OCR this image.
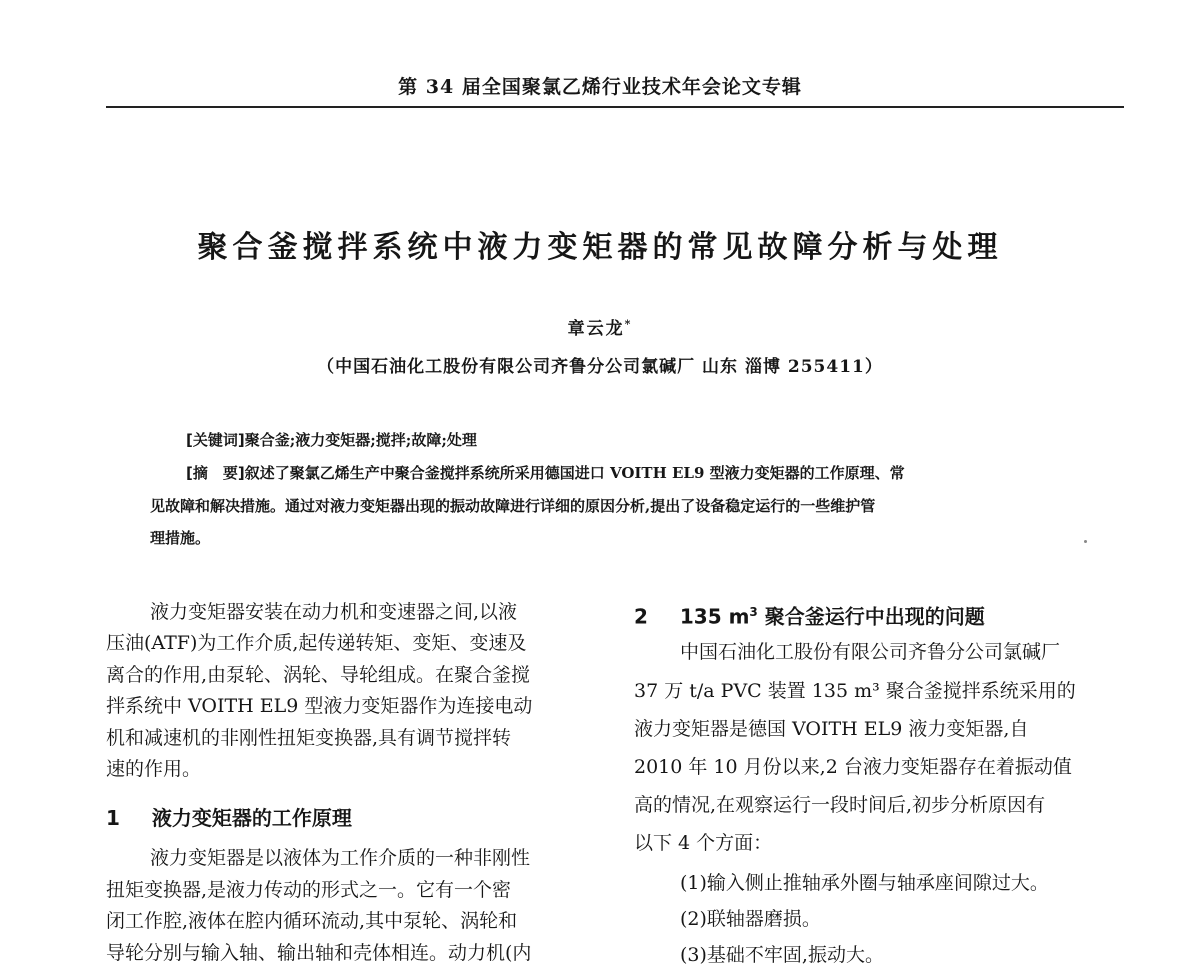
第 34 届全国聚氯乙烯行业技术年会论文专辑
聚合釜搅拌系统中液力变矩器的常见故障分析与处理
章云龙*
（中国石油化工股份有限公司齐鲁分公司氯碱厂 山东 淄博 255411）
[关键词]聚合釜;液力变矩器;搅拌;故障;处理
[摘　要]叙述了聚氯乙烯生产中聚合釜搅拌系统所采用德国进口 VOITH EL9 型液力变矩器的工作原理、常
见故障和解决措施。通过对液力变矩器出现的振动故障进行详细的原因分析,提出了设备稳定运行的一些维护管
理措施。
液力变矩器安装在动力机和变速器之间,以液
压油(ATF)为工作介质,起传递转矩、变矩、变速及
离合的作用,由泵轮、涡轮、导轮组成。在聚合釜搅
拌系统中 VOITH EL9 型液力变矩器作为连接电动
机和减速机的非刚性扭矩变换器,具有调节搅拌转
速的作用。
1 液力变矩器的工作原理
液力变矩器是以液体为工作介质的一种非刚性
扭矩变换器,是液力传动的形式之一。它有一个密
闭工作腔,液体在腔内循环流动,其中泵轮、涡轮和
导轮分别与输入轴、输出轴和壳体相连。动力机(内
2 135 $m^3$ 聚合釜运行中出现的问题
中国石油化工股份有限公司齐鲁分公司氯碱厂
37 万 t/a PVC 装置 135 m³ 聚合釜搅拌系统采用的
液力变矩器是德国 VOITH EL9 液力变矩器,自
2010 年 10 月份以来,2 台液力变矩器存在着振动值
高的情况,在观察运行一段时间后,初步分析原因有
以下 4 个方面：
(1)输入侧止推轴承外圈与轴承座间隙过大。
(2)联轴器磨损。
(3)基础不牢固,振动大。
